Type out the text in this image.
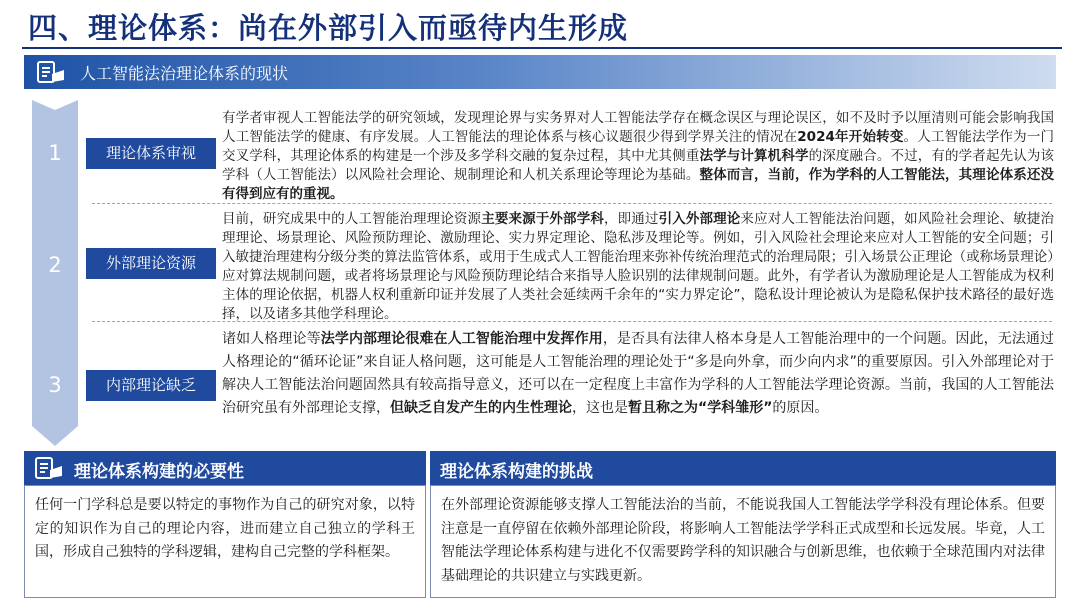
四、理论体系：尚在外部引入而亟待内生形成
人工智能法治理论体系的现状
1
2
3
理论体系审视
外部理论资源
内部理论缺乏
有学者审视人工智能法学的研究领域，发现理论界与实务界对人工智能法学存在概念误区与理论误区，如不及时予以厘清则可能会影响我国人工智能法学的健康、有序发展。人工智能法的理论体系与核心议题很少得到学界关注的情况在2024年开始转变。人工智能法学作为一门交叉学科，其理论体系的构建是一个涉及多学科交融的复杂过程，其中尤其侧重法学与计算机科学的深度融合。不过，有的学者起先认为该学科（人工智能法）以风险社会理论、规制理论和人机关系理论等理论为基础。整体而言，当前，作为学科的人工智能法，其理论体系还没有得到应有的重视。
目前，研究成果中的人工智能治理理论资源主要来源于外部学科，即通过引入外部理论来应对人工智能法治问题，如风险社会理论、敏捷治理理论、场景理论、风险预防理论、激励理论、实力界定理论、隐私涉及理论等。例如，引入风险社会理论来应对人工智能的安全问题；引入敏捷治理建构分级分类的算法监管体系，或用于生成式人工智能治理来弥补传统治理范式的治理局限；引入场景公正理论（或称场景理论）应对算法规制问题，或者将场景理论与风险预防理论结合来指导人脸识别的法律规制问题。此外，有学者认为激励理论是人工智能成为权利主体的理论依据，机器人权利重新印证并发展了人类社会延续两千余年的“实力界定论”，隐私设计理论被认为是隐私保护技术路径的最好选择，以及诸多其他学科理论。
诸如人格理论等法学内部理论很难在人工智能治理中发挥作用，是否具有法律人格本身是人工智能治理中的一个问题。因此，无法通过人格理论的“循环论证”来自证人格问题，这可能是人工智能治理的理论处于“多是向外拿，而少向内求”的重要原因。引入外部理论对于解决人工智能法治问题固然具有较高指导意义，还可以在一定程度上丰富作为学科的人工智能法学理论资源。当前，我国的人工智能法治研究虽有外部理论支撑，但缺乏自发产生的内生性理论，这也是暂且称之为“学科雏形”的原因。
理论体系构建的必要性
任何一门学科总是要以特定的事物作为自己的研究对象，以特定的知识作为自己的理论内容，进而建立自己独立的学科王国，形成自己独特的学科逻辑，建构自己完整的学科框架。
理论体系构建的挑战
在外部理论资源能够支撑人工智能法治的当前，不能说我国人工智能法学学科没有理论体系。但要注意是一直停留在依赖外部理论阶段，将影响人工智能法学学科正式成型和长远发展。毕竟，人工智能法学理论体系构建与进化不仅需要跨学科的知识融合与创新思维，也依赖于全球范围内对法律基础理论的共识建立与实践更新。
